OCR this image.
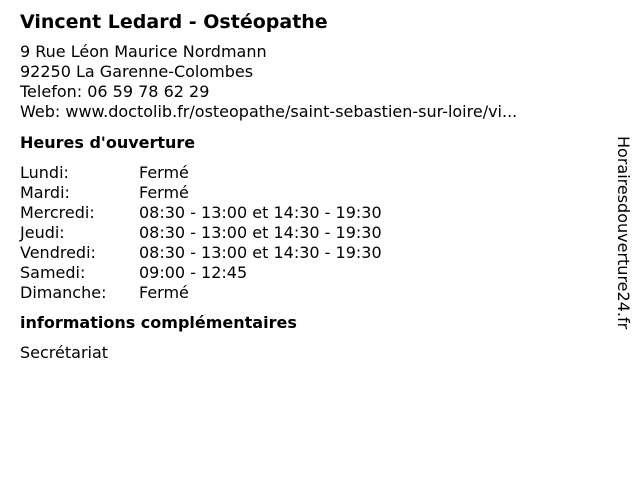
Vincent Ledard - Ostéopathe
9 Rue Léon Maurice Nordmann
92250 La Garenne-Colombes
Telefon: 06 59 78 62 29
Web: www.doctolib.fr/osteopathe/saint-sebastien-sur-loire/vi...
Heures d'ouverture
Lundi:	Fermé
Mardi:	Fermé
Mercredi:	08:30 - 13:00 et 14:30 - 19:30
Jeudi:	08:30 - 13:00 et 14:30 - 19:30
Vendredi:	08:30 - 13:00 et 14:30 - 19:30
Samedi:	09:00 - 12:45
Dimanche:	Fermé
informations complémentaires
Secrétariat
Horairesdouverture24.fr
